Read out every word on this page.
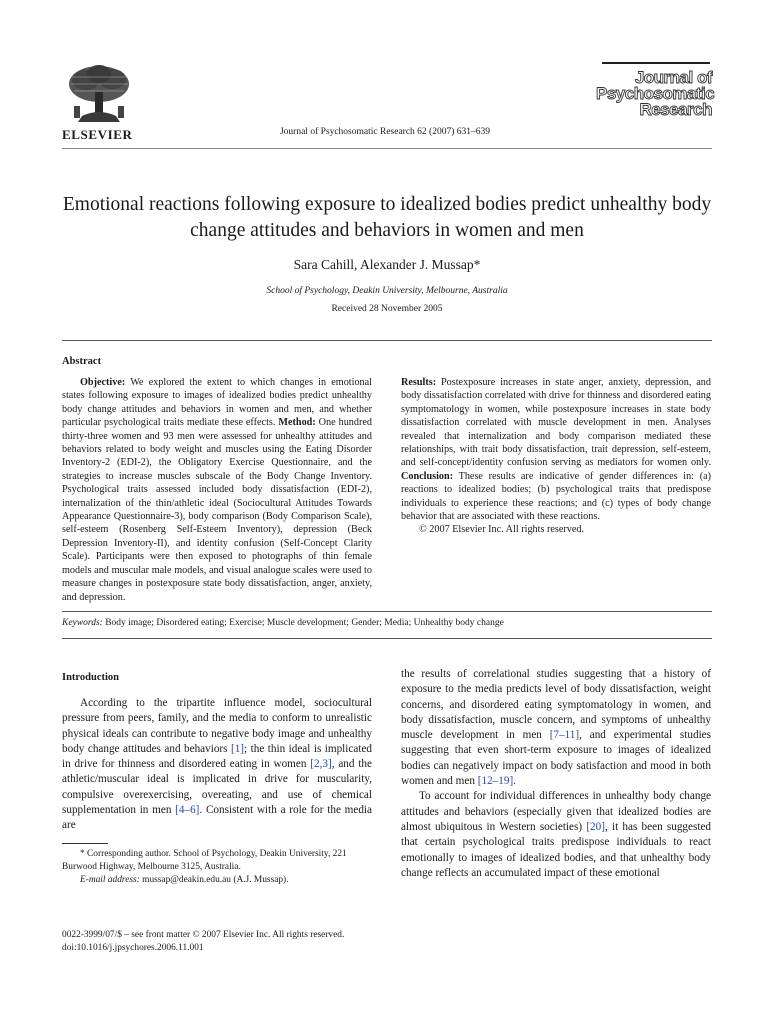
ELSEVIER	Journal of Psychosomatic Research 62 (2007) 631–639
Journal of
Psychosomatic
Research
Emotional reactions following exposure to idealized bodies predict unhealthy body change attitudes and behaviors in women and men
Sara Cahill, Alexander J. Mussap*
School of Psychology, Deakin University, Melbourne, Australia
Received 28 November 2005
Abstract

Objective: We explored the extent to which changes in emotional states following exposure to images of idealized bodies predict unhealthy body change attitudes and behaviors in women and men, and whether particular psychological traits mediate these effects. Method: One hundred thirty-three women and 93 men were assessed for unhealthy attitudes and behaviors related to body weight and muscles using the Eating Disorder Inventory-2 (EDI-2), the Obligatory Exercise Questionnaire, and the strategies to increase muscles subscale of the Body Change Inventory. Psychological traits assessed included body dissatisfaction (EDI-2), internalization of the thin/athletic ideal (Sociocultural Attitudes Towards Appearance Questionnaire-3), body comparison (Body Comparison Scale), self-esteem (Rosenberg Self-Esteem Inventory), depression (Beck Depression Inventory-II), and identity confusion (Self-Concept Clarity Scale). Participants were then exposed to photographs of thin female models and muscular male models, and visual analogue scales were used to measure changes in postexposure state body dissatisfaction, anger, anxiety, and depression.

Results: Postexposure increases in state anger, anxiety, depression, and body dissatisfaction correlated with drive for thinness and disordered eating symptomatology in women, while postexposure increases in state body dissatisfaction correlated with muscle development in men. Analyses revealed that internalization and body comparison mediated these relationships, with trait body dissatisfaction, trait depression, self-esteem, and self-concept/identity confusion serving as mediators for women only. Conclusion: These results are indicative of gender differences in: (a) reactions to idealized bodies; (b) psychological traits that predispose individuals to experience these reactions; and (c) types of body change behavior that are associated with these reactions.

© 2007 Elsevier Inc. All rights reserved.

Keywords: Body image; Disordered eating; Exercise; Muscle development; Gender; Media; Unhealthy body change
Introduction

According to the tripartite influence model, sociocultural pressure from peers, family, and the media to conform to unrealistic physical ideals can contribute to negative body image and unhealthy body change attitudes and behaviors [1]; the thin ideal is implicated in drive for thinness and disordered eating in women [2,3], and the athletic/muscular ideal is implicated in drive for muscularity, compulsive overexercising, overeating, and use of chemical supplementation in men [4–6]. Consistent with a role for the media are

* Corresponding author. School of Psychology, Deakin University, 221 Burwood Highway, Melbourne 3125, Australia.

E-mail address: mussap@deakin.edu.au (A.J. Mussap).

0022-3999/07/$ – see front matter © 2007 Elsevier Inc. All rights reserved.
doi:10.1016/j.jpsychores.2006.11.001

the results of correlational studies suggesting that a history of exposure to the media predicts level of body dissatisfaction, weight concerns, and disordered eating symptomatology in women, and body dissatisfaction, muscle concern, and symptoms of unhealthy muscle development in men [7–11], and experimental studies suggesting that even short-term exposure to images of idealized bodies can negatively impact on body satisfaction and mood in both women and men [12–19].

To account for individual differences in unhealthy body change attitudes and behaviors (especially given that idealized bodies are almost ubiquitous in Western societies) [20], it has been suggested that certain psychological traits predispose individuals to react emotionally to images of idealized bodies, and that unhealthy body change reflects an accumulated impact of these emotional
